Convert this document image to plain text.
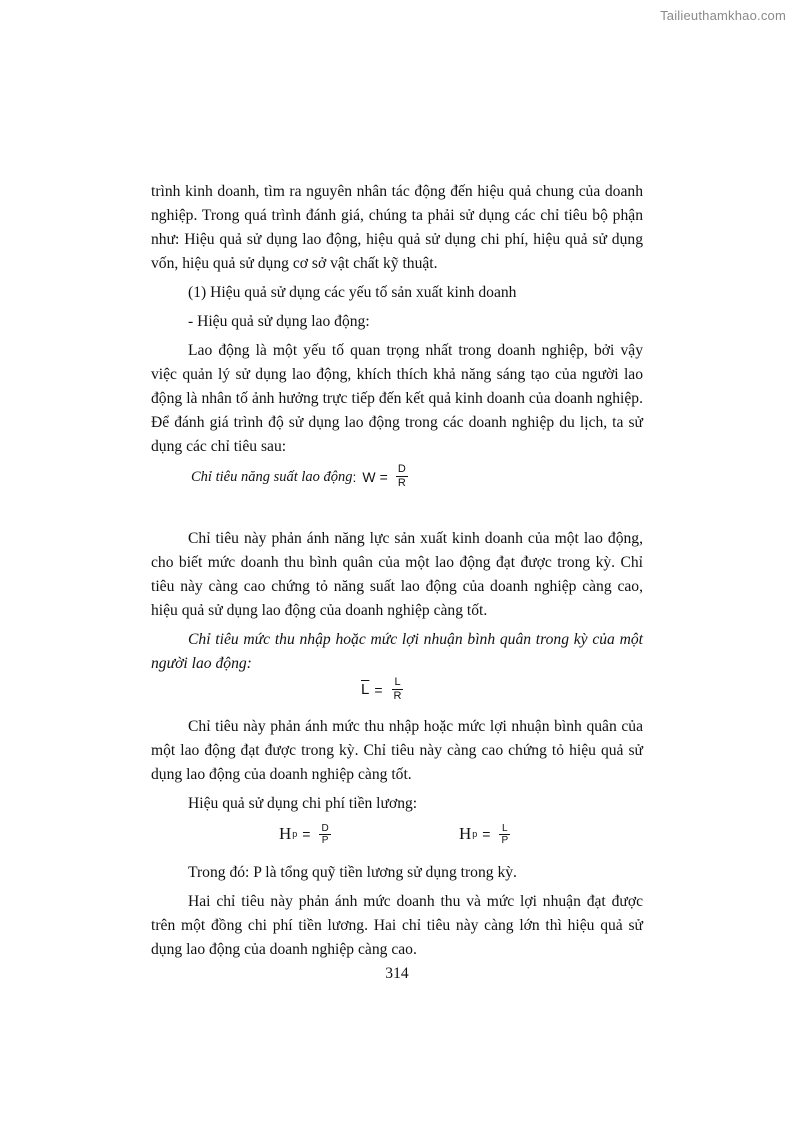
Tailieuthamkhao.com

trình kinh doanh, tìm ra nguyên nhân tác động đến hiệu quả chung của doanh nghiệp. Trong quá trình đánh giá, chúng ta phải sử dụng các chỉ tiêu bộ phận như: Hiệu quả sử dụng lao động, hiệu quả sử dụng chi phí, hiệu quả sử dụng vốn, hiệu quả sử dụng cơ sở vật chất kỹ thuật.

(1) Hiệu quả sử dụng các yếu tố sản xuất kinh doanh

- Hiệu quả sử dụng lao động:

Lao động là một yếu tố quan trọng nhất trong doanh nghiệp, bởi vậy việc quản lý sử dụng lao động, khích thích khả năng sáng tạo của người lao động là nhân tố ảnh hưởng trực tiếp đến kết quả kinh doanh của doanh nghiệp. Để đánh giá trình độ sử dụng lao động trong các doanh nghiệp du lịch, ta sử dụng các chỉ tiêu sau:

Chỉ tiêu năng suất lao động : $W = \frac{D}{R}$

Chỉ tiêu này phản ánh năng lực sản xuất kinh doanh của một lao động, cho biết mức doanh thu bình quân của một lao động đạt được trong kỳ. Chỉ tiêu này càng cao chứng tỏ năng suất lao động của doanh nghiệp càng cao, hiệu quả sử dụng lao động của doanh nghiệp càng tốt.

Chỉ tiêu mức thu nhập hoặc mức lợi nhuận bình quân trong kỳ của một người lao động:

$\overline{L} = \frac{L}{R}$

Chỉ tiêu này phản ánh mức thu nhập hoặc mức lợi nhuận bình quân của một lao động đạt được trong kỳ. Chỉ tiêu này càng cao chứng tỏ hiệu quả sử dụng lao động của doanh nghiệp càng tốt.

Hiệu quả sử dụng chi phí tiền lương:

H $p = \frac{D}{P}$	H $p = \frac{L}{P}$

Trong đó: P là tổng quỹ tiền lương sử dụng trong kỳ.

Hai chỉ tiêu này phản ánh mức doanh thu và mức lợi nhuận đạt được trên một đồng chi phí tiền lương. Hai chỉ tiêu này càng lớn thì hiệu quả sử dụng lao động của doanh nghiệp càng cao.

314
